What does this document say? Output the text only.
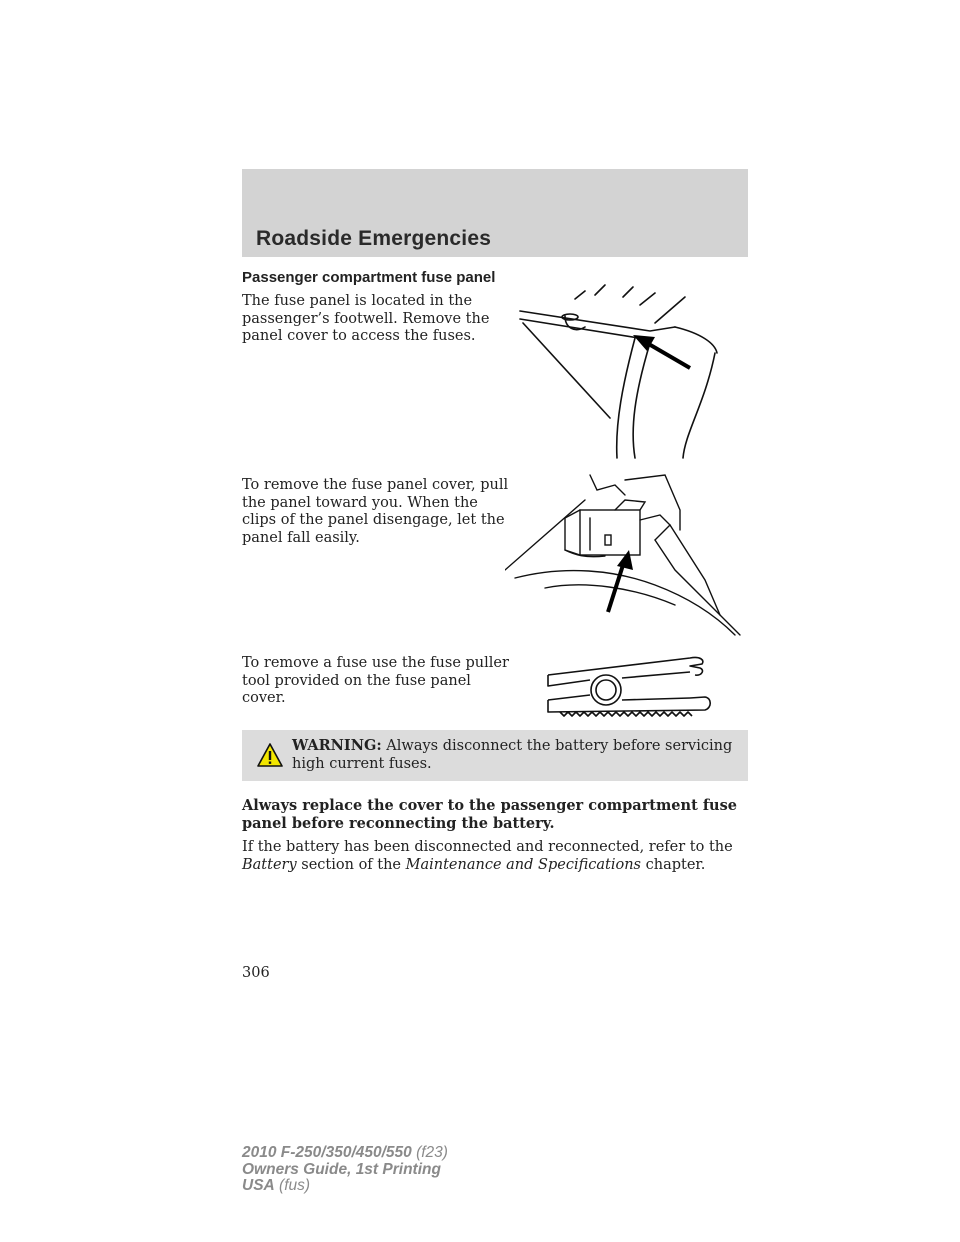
Roadside Emergencies
Passenger compartment fuse panel
The fuse panel is located in the passenger’s footwell. Remove the panel cover to access the fuses.
To remove the fuse panel cover, pull the panel toward you. When the clips of the panel disengage, let the panel fall easily.
To remove a fuse use the fuse puller tool provided on the fuse panel cover.
WARNING: Always disconnect the battery before servicing high current fuses.
Always replace the cover to the passenger compartment fuse panel before reconnecting the battery.
If the battery has been disconnected and reconnected, refer to the Battery section of the Maintenance and Specifications chapter.
306
2010 F-250/350/450/550 (f23)
Owners Guide, 1st Printing
USA (fus)
